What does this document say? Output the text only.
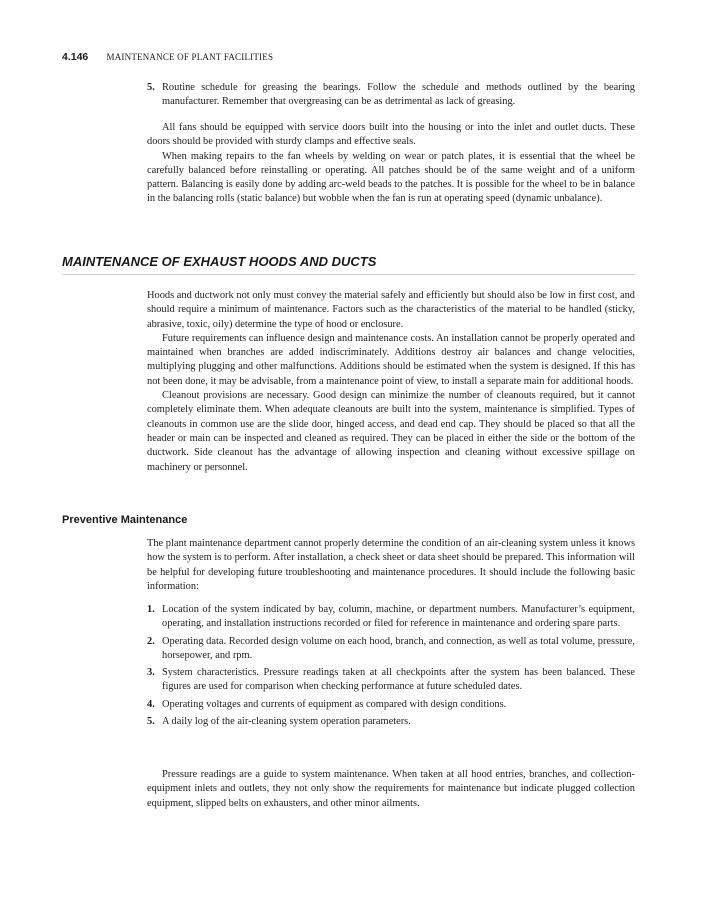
4.146 MAINTENANCE OF PLANT FACILITIES

5. Routine schedule for greasing the bearings. Follow the schedule and methods outlined by the bearing manufacturer. Remember that overgreasing can be as detrimental as lack of greasing.

All fans should be equipped with service doors built into the housing or into the inlet and outlet ducts. These doors should be provided with sturdy clamps and effective seals.

When making repairs to the fan wheels by welding on wear or patch plates, it is essential that the wheel be carefully balanced before reinstalling or operating. All patches should be of the same weight and of a uniform pattern. Balancing is easily done by adding arc-weld beads to the patches. It is possible for the wheel to be in balance in the balancing rolls (static balance) but wobble when the fan is run at operating speed (dynamic unbalance).

MAINTENANCE OF EXHAUST HOODS AND DUCTS

Hoods and ductwork not only must convey the material safely and efficiently but should also be low in first cost, and should require a minimum of maintenance. Factors such as the characteristics of the material to be handled (sticky, abrasive, toxic, oily) determine the type of hood or enclosure.

Future requirements can influence design and maintenance costs. An installation cannot be properly operated and maintained when branches are added indiscriminately. Additions destroy air balances and change velocities, multiplying plugging and other malfunctions. Additions should be estimated when the system is designed. If this has not been done, it may be advisable, from a maintenance point of view, to install a separate main for additional hoods.

Cleanout provisions are necessary. Good design can minimize the number of cleanouts required, but it cannot completely eliminate them. When adequate cleanouts are built into the system, maintenance is simplified. Types of cleanouts in common use are the slide door, hinged access, and dead end cap. They should be placed so that all the header or main can be inspected and cleaned as required. They can be placed in either the side or the bottom of the ductwork. Side cleanout has the advantage of allowing inspection and cleaning without excessive spillage on machinery or personnel.

Preventive Maintenance

The plant maintenance department cannot properly determine the condition of an air-cleaning system unless it knows how the system is to perform. After installation, a check sheet or data sheet should be prepared. This information will be helpful for developing future troubleshooting and maintenance procedures. It should include the following basic information:

1. Location of the system indicated by bay, column, machine, or department numbers. Manufacturer’s equipment, operating, and installation instructions recorded or filed for reference in maintenance and ordering spare parts.

2. Operating data. Recorded design volume on each hood, branch, and connection, as well as total volume, pressure, horsepower, and rpm.

3. System characteristics. Pressure readings taken at all checkpoints after the system has been balanced. These figures are used for comparison when checking performance at future scheduled dates.

4. Operating voltages and currents of equipment as compared with design conditions.

5. A daily log of the air-cleaning system operation parameters.

Pressure readings are a guide to system maintenance. When taken at all hood entries, branches, and collection-equipment inlets and outlets, they not only show the requirements for maintenance but indicate plugged collection equipment, slipped belts on exhausters, and other minor ailments.
